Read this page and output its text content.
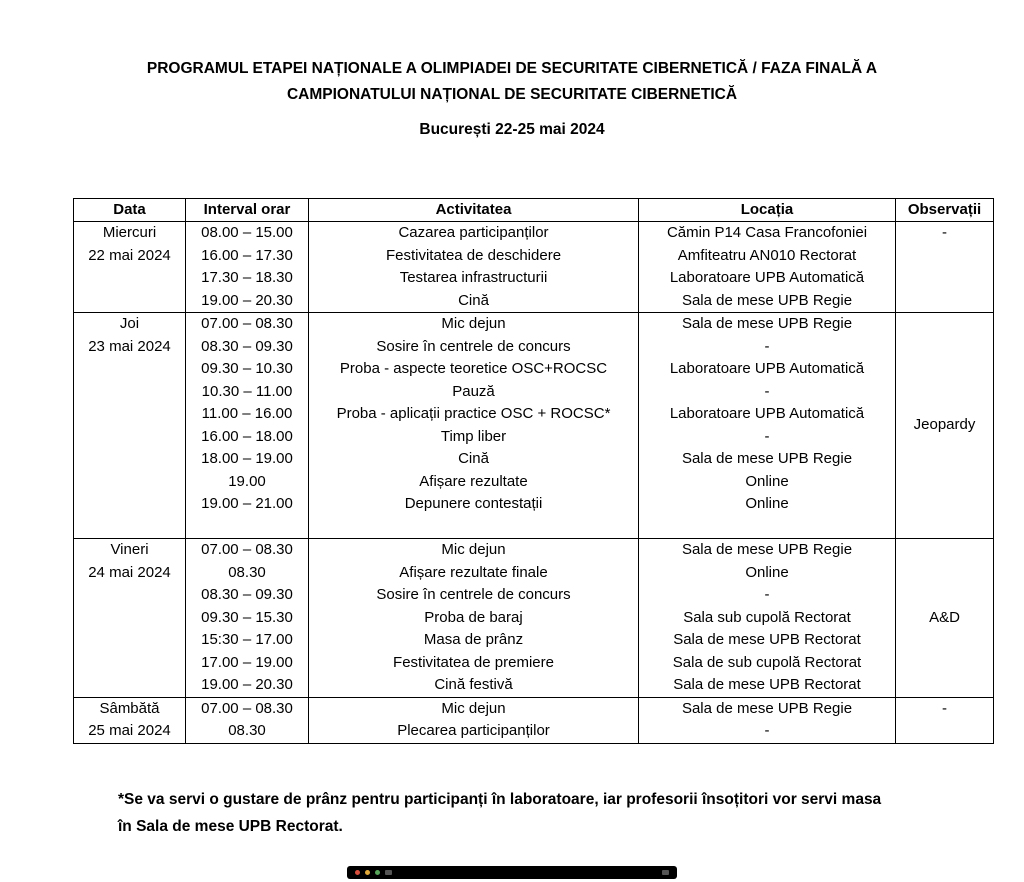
PROGRAMUL ETAPEI NAȚIONALE A OLIMPIADEI DE SECURITATE CIBERNETICĂ / FAZA FINALĂ A
CAMPIONATULUI NAȚIONAL DE SECURITATE CIBERNETICĂ
București 22-25 mai 2024
Data	Interval orar	Activitatea	Locația	Observații

Miercuri
22 mai 2024	08.00 – 15.00	Cazarea participanților	Cămin P14 Casa Francofoniei	-
	16.00 – 17.30	Festivitatea de deschidere	Amfiteatru AN010 Rectorat	
	17.30 – 18.30	Testarea infrastructurii	Laboratoare UPB Automatică	
	19.00 – 20.30	Cină	Sala de mese UPB Regie	

Joi
23 mai 2024	07.00 – 08.30	Mic dejun	Sala de mese UPB Regie	Jeopardy
	08.30 – 09.30	Sosire în centrele de concurs	-	
	09.30 – 10.30	Proba - aspecte teoretice OSC+ROCSC	Laboratoare UPB Automatică	
	10.30 – 11.00	Pauză	-	
	11.00 – 16.00	Proba - aplicații practice OSC + ROCSC*	Laboratoare UPB Automatică	
	16.00 – 18.00	Timp liber	-	
	18.00 – 19.00	Cină	Sala de mese UPB Regie	
	19.00	Afișare rezultate	Online	
	19.00 – 21.00	Depunere contestații	Online	

Vineri
24 mai 2024	07.00 – 08.30	Mic dejun	Sala de mese UPB Regie	A&D
	08.30	Afișare rezultate finale	Online	
	08.30 – 09.30	Sosire în centrele de concurs	-	
	09.30 – 15.30	Proba de baraj	Sala sub cupolă Rectorat	
	15:30 – 17.00	Masa de prânz	Sala de mese UPB Rectorat	
	17.00 – 19.00	Festivitatea de premiere	Sala de sub cupolă Rectorat	
	19.00 – 20.30	Cină festivă	Sala de mese UPB Rectorat	

Sâmbătă
25 mai 2024	07.00 – 08.30	Mic dejun	Sala de mese UPB Regie	-
	08.30	Plecarea participanților	-	
*Se va servi o gustare de prânz pentru participanți în laboratoare, iar profesorii însoțitori vor servi masa
în Sala de mese UPB Rectorat.
